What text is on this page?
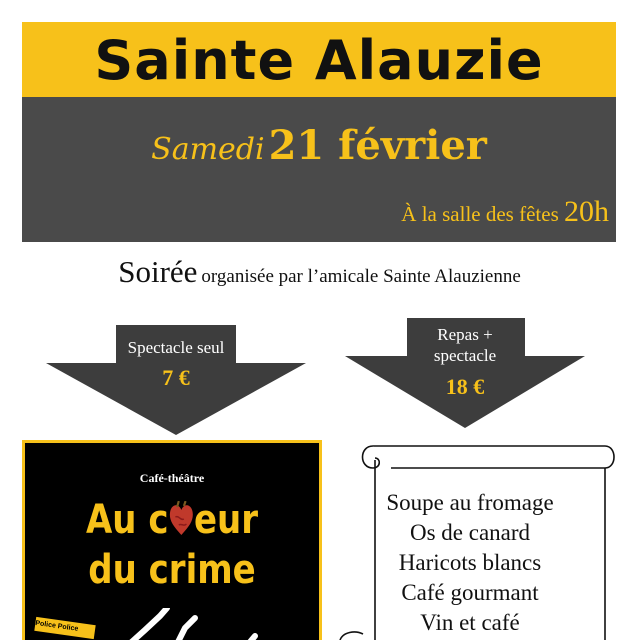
Sainte Alauzie
Samedi 21 février
À la salle des fêtes 20h
Soirée organisée par l’amicale Sainte Alauzienne
Spectacle seul
7 €
Repas +
spectacle
18 €
Café-théâtre
Au c eur
du crime
Police Police
Soupe au fromage
Os de canard
Haricots blancs
Café gourmant
Vin et café
